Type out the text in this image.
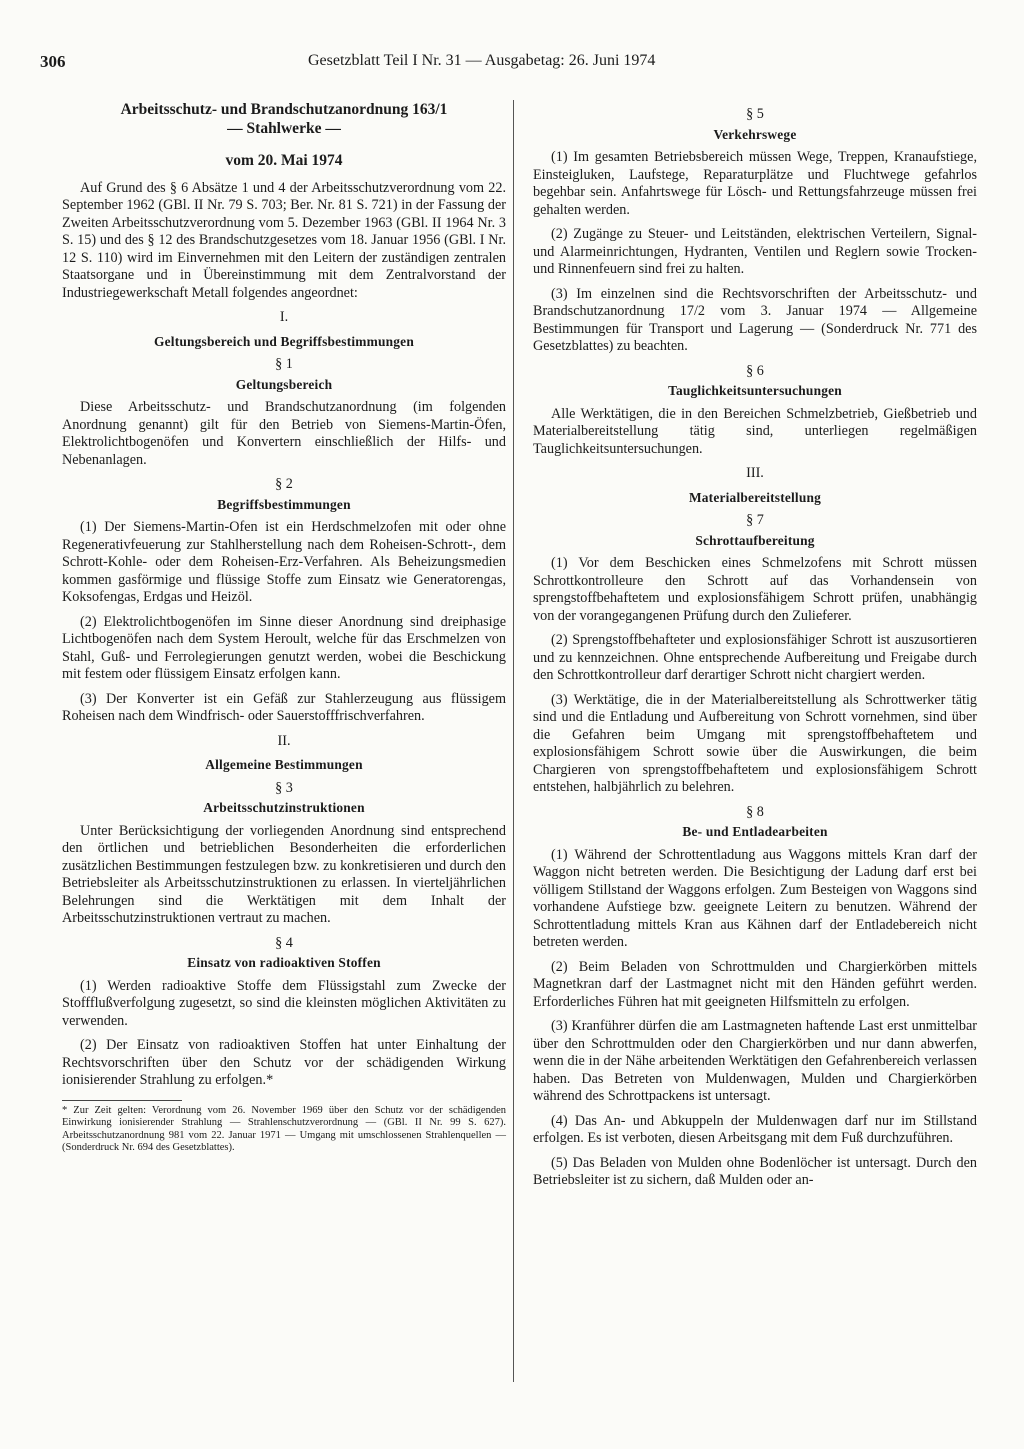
306	Gesetzblatt Teil I Nr. 31 — Ausgabetag: 26. Juni 1974

Arbeitsschutz- und Brandschutzanordnung 163/1

— Stahlwerke —

vom 20. Mai 1974

Auf Grund des § 6 Absätze 1 und 4 der Arbeitsschutzverordnung vom 22. September 1962 (GBl. II Nr. 79 S. 703; Ber. Nr. 81 S. 721) in der Fassung der Zweiten Arbeitsschutzverordnung vom 5. Dezember 1963 (GBl. II 1964 Nr. 3 S. 15) und des § 12 des Brandschutzgesetzes vom 18. Januar 1956 (GBl. I Nr. 12 S. 110) wird im Einvernehmen mit den Leitern der zuständigen zentralen Staatsorgane und in Übereinstimmung mit dem Zentralvorstand der Industriegewerkschaft Metall folgendes angeordnet:

I.

Geltungsbereich und Begriffsbestimmungen

§ 1

Geltungsbereich

Diese Arbeitsschutz- und Brandschutzanordnung (im folgenden Anordnung genannt) gilt für den Betrieb von Siemens-Martin-Öfen, Elektrolichtbogenöfen und Konvertern einschließlich der Hilfs- und Nebenanlagen.

§ 2

Begriffsbestimmungen

(1) Der Siemens-Martin-Ofen ist ein Herdschmelzofen mit oder ohne Regenerativfeuerung zur Stahlherstellung nach dem Roheisen-Schrott-, dem Schrott-Kohle- oder dem Roheisen-Erz-Verfahren. Als Beheizungsmedien kommen gasförmige und flüssige Stoffe zum Einsatz wie Generatorengas, Koksofengas, Erdgas und Heizöl.

(2) Elektrolichtbogenöfen im Sinne dieser Anordnung sind dreiphasige Lichtbogenöfen nach dem System Heroult, welche für das Erschmelzen von Stahl, Guß- und Ferrolegierungen genutzt werden, wobei die Beschickung mit festem oder flüssigem Einsatz erfolgen kann.

(3) Der Konverter ist ein Gefäß zur Stahlerzeugung aus flüssigem Roheisen nach dem Windfrisch- oder Sauerstofffrischverfahren.

II.

Allgemeine Bestimmungen

§ 3

Arbeitsschutzinstruktionen

Unter Berücksichtigung der vorliegenden Anordnung sind entsprechend den örtlichen und betrieblichen Besonderheiten die erforderlichen zusätzlichen Bestimmungen festzulegen bzw. zu konkretisieren und durch den Betriebsleiter als Arbeitsschutzinstruktionen zu erlassen. In vierteljährlichen Belehrungen sind die Werktätigen mit dem Inhalt der Arbeitsschutzinstruktionen vertraut zu machen.

§ 4

Einsatz von radioaktiven Stoffen

(1) Werden radioaktive Stoffe dem Flüssigstahl zum Zwecke der Stoffflußverfolgung zugesetzt, so sind die kleinsten möglichen Aktivitäten zu verwenden.

(2) Der Einsatz von radioaktiven Stoffen hat unter Einhaltung der Rechtsvorschriften über den Schutz vor der schädigenden Wirkung ionisierender Strahlung zu erfolgen.*

* Zur Zeit gelten: Verordnung vom 26. November 1969 über den Schutz vor der schädigenden Einwirkung ionisierender Strahlung — Strahlenschutzverordnung — (GBl. II Nr. 99 S. 627). Arbeitsschutzanordnung 981 vom 22. Januar 1971 — Umgang mit umschlossenen Strahlenquellen — (Sonderdruck Nr. 694 des Gesetzblattes).

§ 5

Verkehrswege

(1) Im gesamten Betriebsbereich müssen Wege, Treppen, Kranaufstiege, Einsteigluken, Laufstege, Reparaturplätze und Fluchtwege gefahrlos begehbar sein. Anfahrtswege für Lösch- und Rettungsfahrzeuge müssen frei gehalten werden.

(2) Zugänge zu Steuer- und Leitständen, elektrischen Verteilern, Signal- und Alarmeinrichtungen, Hydranten, Ventilen und Reglern sowie Trocken- und Rinnenfeuern sind frei zu halten.

(3) Im einzelnen sind die Rechtsvorschriften der Arbeitsschutz- und Brandschutzanordnung 17/2 vom 3. Januar 1974 — Allgemeine Bestimmungen für Transport und Lagerung — (Sonderdruck Nr. 771 des Gesetzblattes) zu beachten.

§ 6

Tauglichkeitsuntersuchungen

Alle Werktätigen, die in den Bereichen Schmelzbetrieb, Gießbetrieb und Materialbereitstellung tätig sind, unterliegen regelmäßigen Tauglichkeitsuntersuchungen.

III.

Materialbereitstellung

§ 7

Schrottaufbereitung

(1) Vor dem Beschicken eines Schmelzofens mit Schrott müssen Schrottkontrolleure den Schrott auf das Vorhandensein von sprengstoffbehaftetem und explosionsfähigem Schrott prüfen, unabhängig von der vorangegangenen Prüfung durch den Zulieferer.

(2) Sprengstoffbehafteter und explosionsfähiger Schrott ist auszusortieren und zu kennzeichnen. Ohne entsprechende Aufbereitung und Freigabe durch den Schrottkontrolleur darf derartiger Schrott nicht chargiert werden.

(3) Werktätige, die in der Materialbereitstellung als Schrottwerker tätig sind und die Entladung und Aufbereitung von Schrott vornehmen, sind über die Gefahren beim Umgang mit sprengstoffbehaftetem und explosionsfähigem Schrott sowie über die Auswirkungen, die beim Chargieren von sprengstoffbehaftetem und explosionsfähigem Schrott entstehen, halbjährlich zu belehren.

§ 8

Be- und Entladearbeiten

(1) Während der Schrottentladung aus Waggons mittels Kran darf der Waggon nicht betreten werden. Die Besichtigung der Ladung darf erst bei völligem Stillstand der Waggons erfolgen. Zum Besteigen von Waggons sind vorhandene Aufstiege bzw. geeignete Leitern zu benutzen. Während der Schrottentladung mittels Kran aus Kähnen darf der Entladebereich nicht betreten werden.

(2) Beim Beladen von Schrottmulden und Chargierkörben mittels Magnetkran darf der Lastmagnet nicht mit den Händen geführt werden. Erforderliches Führen hat mit geeigneten Hilfsmitteln zu erfolgen.

(3) Kranführer dürfen die am Lastmagneten haftende Last erst unmittelbar über den Schrottmulden oder den Chargierkörben und nur dann abwerfen, wenn die in der Nähe arbeitenden Werktätigen den Gefahrenbereich verlassen haben. Das Betreten von Muldenwagen, Mulden und Chargierkörben während des Schrottpackens ist untersagt.

(4) Das An- und Abkuppeln der Muldenwagen darf nur im Stillstand erfolgen. Es ist verboten, diesen Arbeitsgang mit dem Fuß durchzuführen.

(5) Das Beladen von Mulden ohne Bodenlöcher ist untersagt. Durch den Betriebsleiter ist zu sichern, daß Mulden oder an-
